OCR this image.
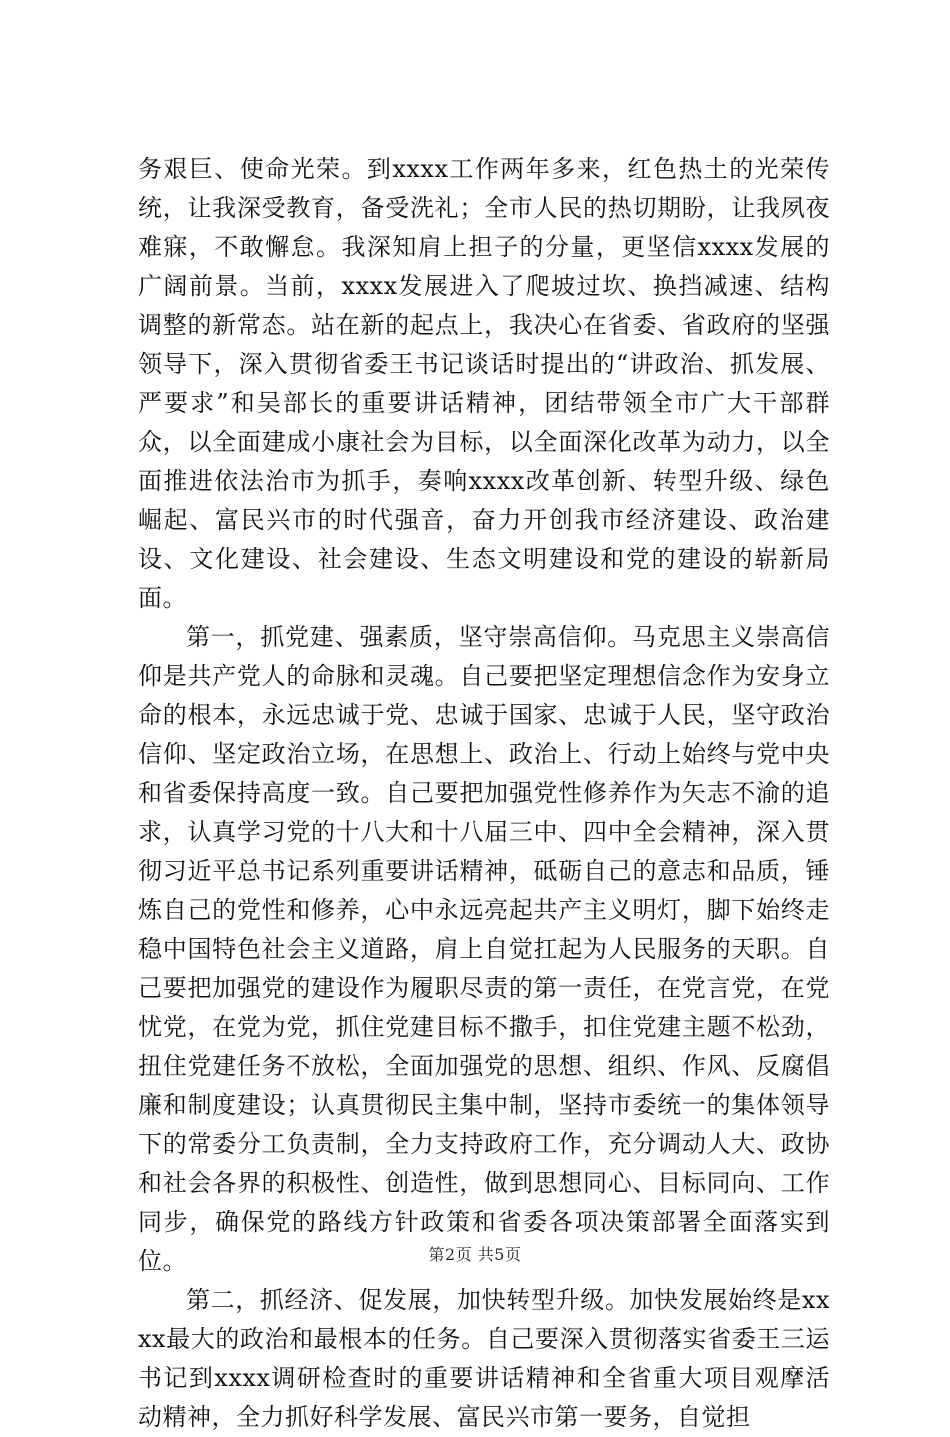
务艰巨、使命光荣。到xxxx工作两年多来，红色热土的光荣传统，让我深受教育，备受洗礼；全市人民的热切期盼，让我夙夜难寐，不敢懈怠。我深知肩上担子的分量，更坚信xxxx发展的广阔前景。当前，xxxx发展进入了爬坡过坎、换挡减速、结构调整的新常态。站在新的起点上，我决心在省委、省政府的坚强领导下，深入贯彻省委王书记谈话时提出的“讲政治、抓发展、严要求”和吴部长的重要讲话精神，团结带领全市广大干部群众，以全面建成小康社会为目标，以全面深化改革为动力，以全面推进依法治市为抓手，奏响xxxx改革创新、转型升级、绿色崛起、富民兴市的时代强音，奋力开创我市经济建设、政治建设、文化建设、社会建设、生态文明建设和党的建设的崭新局面。

第一，抓党建、强素质，坚守崇高信仰。马克思主义崇高信仰是共产党人的命脉和灵魂。自己要把坚定理想信念作为安身立命的根本，永远忠诚于党、忠诚于国家、忠诚于人民，坚守政治信仰、坚定政治立场，在思想上、政治上、行动上始终与党中央和省委保持高度一致。自己要把加强党性修养作为矢志不渝的追求，认真学习党的十八大和十八届三中、四中全会精神，深入贯彻习近平总书记系列重要讲话精神，砥砺自己的意志和品质，锤炼自己的党性和修养，心中永远亮起共产主义明灯，脚下始终走稳中国特色社会主义道路，肩上自觉扛起为人民服务的天职。自己要把加强党的建设作为履职尽责的第一责任，在党言党，在党忧党，在党为党，抓住党建目标不撒手，扣住党建主题不松劲，扭住党建任务不放松，全面加强党的思想、组织、作风、反腐倡廉和制度建设；认真贯彻民主集中制，坚持市委统一的集体领导下的常委分工负责制，全力支持政府工作，充分调动人大、政协和社会各界的积极性、创造性，做到思想同心、目标同向、工作同步，确保党的路线方针政策和省委各项决策部署全面落实到位。

第二，抓经济、促发展，加快转型升级。加快发展始终是xxxx最大的政治和最根本的任务。自己要深入贯彻落实省委王三运书记到xxxx调研检查时的重要讲话精神和全省重大项目观摩活动精神，全力抓好科学发展、富民兴市第一要务，自觉担

第2页 共5页
